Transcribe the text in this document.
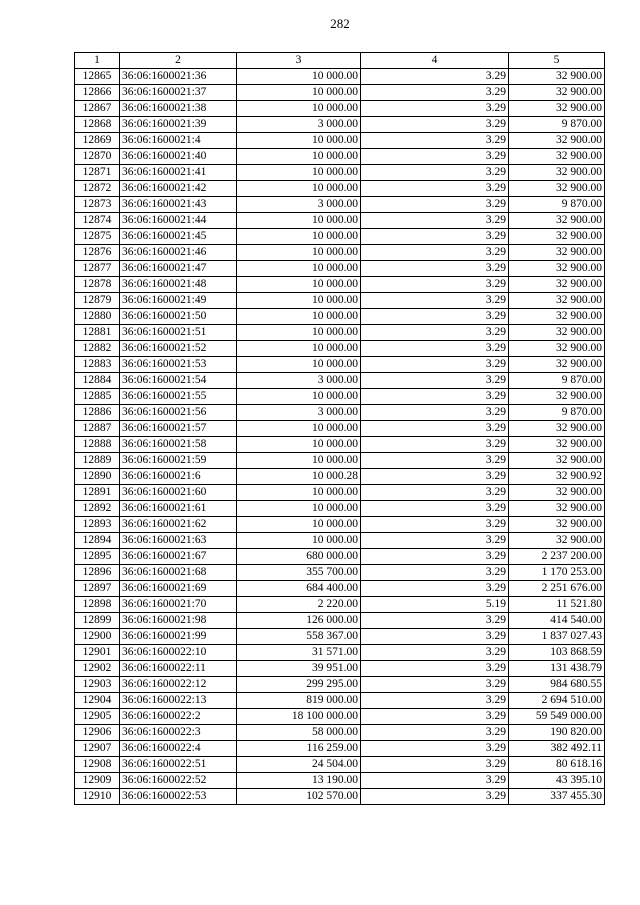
282
1	2	3	4	5
12865	36:06:1600021:36	10 000.00	3.29	32 900.00
12866	36:06:1600021:37	10 000.00	3.29	32 900.00
12867	36:06:1600021:38	10 000.00	3.29	32 900.00
12868	36:06:1600021:39	3 000.00	3.29	9 870.00
12869	36:06:1600021:4	10 000.00	3.29	32 900.00
12870	36:06:1600021:40	10 000.00	3.29	32 900.00
12871	36:06:1600021:41	10 000.00	3.29	32 900.00
12872	36:06:1600021:42	10 000.00	3.29	32 900.00
12873	36:06:1600021:43	3 000.00	3.29	9 870.00
12874	36:06:1600021:44	10 000.00	3.29	32 900.00
12875	36:06:1600021:45	10 000.00	3.29	32 900.00
12876	36:06:1600021:46	10 000.00	3.29	32 900.00
12877	36:06:1600021:47	10 000.00	3.29	32 900.00
12878	36:06:1600021:48	10 000.00	3.29	32 900.00
12879	36:06:1600021:49	10 000.00	3.29	32 900.00
12880	36:06:1600021:50	10 000.00	3.29	32 900.00
12881	36:06:1600021:51	10 000.00	3.29	32 900.00
12882	36:06:1600021:52	10 000.00	3.29	32 900.00
12883	36:06:1600021:53	10 000.00	3.29	32 900.00
12884	36:06:1600021:54	3 000.00	3.29	9 870.00
12885	36:06:1600021:55	10 000.00	3.29	32 900.00
12886	36:06:1600021:56	3 000.00	3.29	9 870.00
12887	36:06:1600021:57	10 000.00	3.29	32 900.00
12888	36:06:1600021:58	10 000.00	3.29	32 900.00
12889	36:06:1600021:59	10 000.00	3.29	32 900.00
12890	36:06:1600021:6	10 000.28	3.29	32 900.92
12891	36:06:1600021:60	10 000.00	3.29	32 900.00
12892	36:06:1600021:61	10 000.00	3.29	32 900.00
12893	36:06:1600021:62	10 000.00	3.29	32 900.00
12894	36:06:1600021:63	10 000.00	3.29	32 900.00
12895	36:06:1600021:67	680 000.00	3.29	2 237 200.00
12896	36:06:1600021:68	355 700.00	3.29	1 170 253.00
12897	36:06:1600021:69	684 400.00	3.29	2 251 676.00
12898	36:06:1600021:70	2 220.00	5.19	11 521.80
12899	36:06:1600021:98	126 000.00	3.29	414 540.00
12900	36:06:1600021:99	558 367.00	3.29	1 837 027.43
12901	36:06:1600022:10	31 571.00	3.29	103 868.59
12902	36:06:1600022:11	39 951.00	3.29	131 438.79
12903	36:06:1600022:12	299 295.00	3.29	984 680.55
12904	36:06:1600022:13	819 000.00	3.29	2 694 510.00
12905	36:06:1600022:2	18 100 000.00	3.29	59 549 000.00
12906	36:06:1600022:3	58 000.00	3.29	190 820.00
12907	36:06:1600022:4	116 259.00	3.29	382 492.11
12908	36:06:1600022:51	24 504.00	3.29	80 618.16
12909	36:06:1600022:52	13 190.00	3.29	43 395.10
12910	36:06:1600022:53	102 570.00	3.29	337 455.30
